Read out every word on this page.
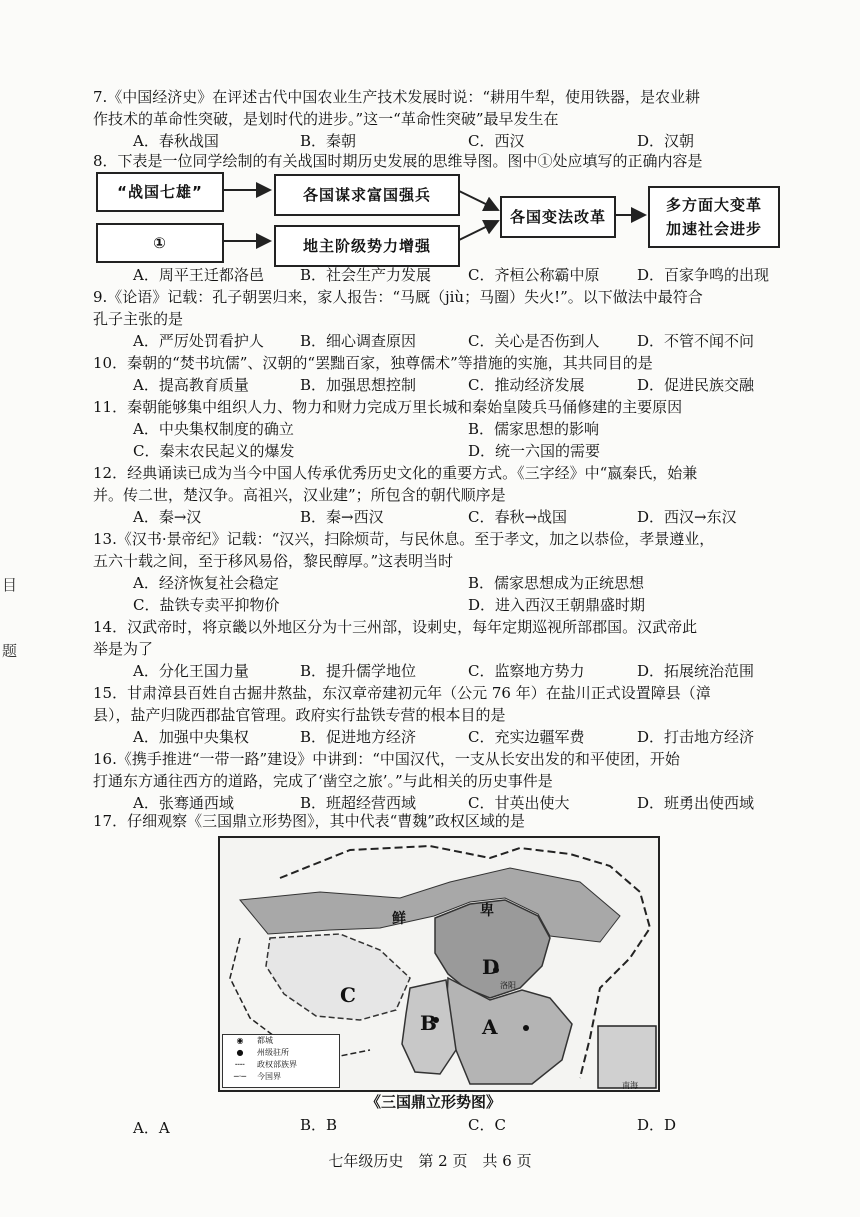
目
题
7.《中国经济史》在评述古代中国农业生产技术发展时说：“耕用牛犁，使用铁器，是农业耕
作技术的革命性突破，是划时代的进步。”这一“革命性突破”最早发生在
A．春秋战国	B．秦朝	C．西汉	D．汉朝
8．下表是一位同学绘制的有关战国时期历史发展的思维导图。图中①处应填写的正确内容是
“战国七雄”
①
各国谋求富国强兵
地主阶级势力增强
各国变法改革
多方面大变革
加速社会进步
A．周平王迁都洛邑 B．社会生产力发展 C．齐桓公称霸中原	D．百家争鸣的出现
9.《论语》记载：孔子朝罢归来，家人报告：“马厩（jiù；马圈）失火!”。以下做法中最符合
孔子主张的是
A．严厉处罚看护人 B．细心调查原因	C．关心是否伤到人	D．不管不闻不问
10．秦朝的“焚书坑儒”、汉朝的“罢黜百家，独尊儒术”等措施的实施，其共同目的是
A．提高教育质量	B．加强思想控制	C．推动经济发展	D．促进民族交融
11．秦朝能够集中组织人力、物力和财力完成万里长城和秦始皇陵兵马俑修建的主要原因
A．中央集权制度的确立	B．儒家思想的影响
C．秦末农民起义的爆发	D．统一六国的需要
12．经典诵读已成为当今中国人传承优秀历史文化的重要方式。《三字经》中“嬴秦氏，始兼
并。传二世，楚汉争。高祖兴，汉业建”；所包含的朝代顺序是
A．秦→汉	B．秦→西汉	C．春秋→战国	D．西汉→东汉
13.《汉书·景帝纪》记载：“汉兴，扫除烦苛，与民休息。至于孝文，加之以恭俭，孝景遵业，
五六十载之间，至于移风易俗，黎民醇厚。”这表明当时
A．经济恢复社会稳定	B．儒家思想成为正统思想
C．盐铁专卖平抑物价	D．进入西汉王朝鼎盛时期
14．汉武帝时，将京畿以外地区分为十三州部，设刺史，每年定期巡视所部郡国。汉武帝此
举是为了
A．分化王国力量	B．提升儒学地位	C．监察地方势力	D．拓展统治范围
15．甘肃漳县百姓自古掘井熬盐，东汉章帝建初元年（公元 76 年）在盐川正式设置障县（漳
县），盐产归陇西郡盐官管理。政府实行盐铁专营的根本目的是
A．加强中央集权	B．促进地方经济	C．充实边疆军费	D．打击地方经济
16.《携手推进“一带一路”建设》中讲到：“中国汉代，一支从长安出发的和平使团，开始
打通东方通往西方的道路，完成了‘凿空之旅’。”与此相关的历史事件是
A．张骞通西域	B．班超经营西域	C．甘英出使大	D．班勇出使西域
17．仔细观察《三国鼎立形势图》，其中代表“曹魏”政权区域的是
鲜	卑
D
C
B A
洛阳
南海
◉	都城
●	州级驻所
╌╌	政权部族界
─·─	今国界
《三国鼎立形势图》
A．A	B．B	C．C	D．D
七年级历史　第 2 页　共 6 页
